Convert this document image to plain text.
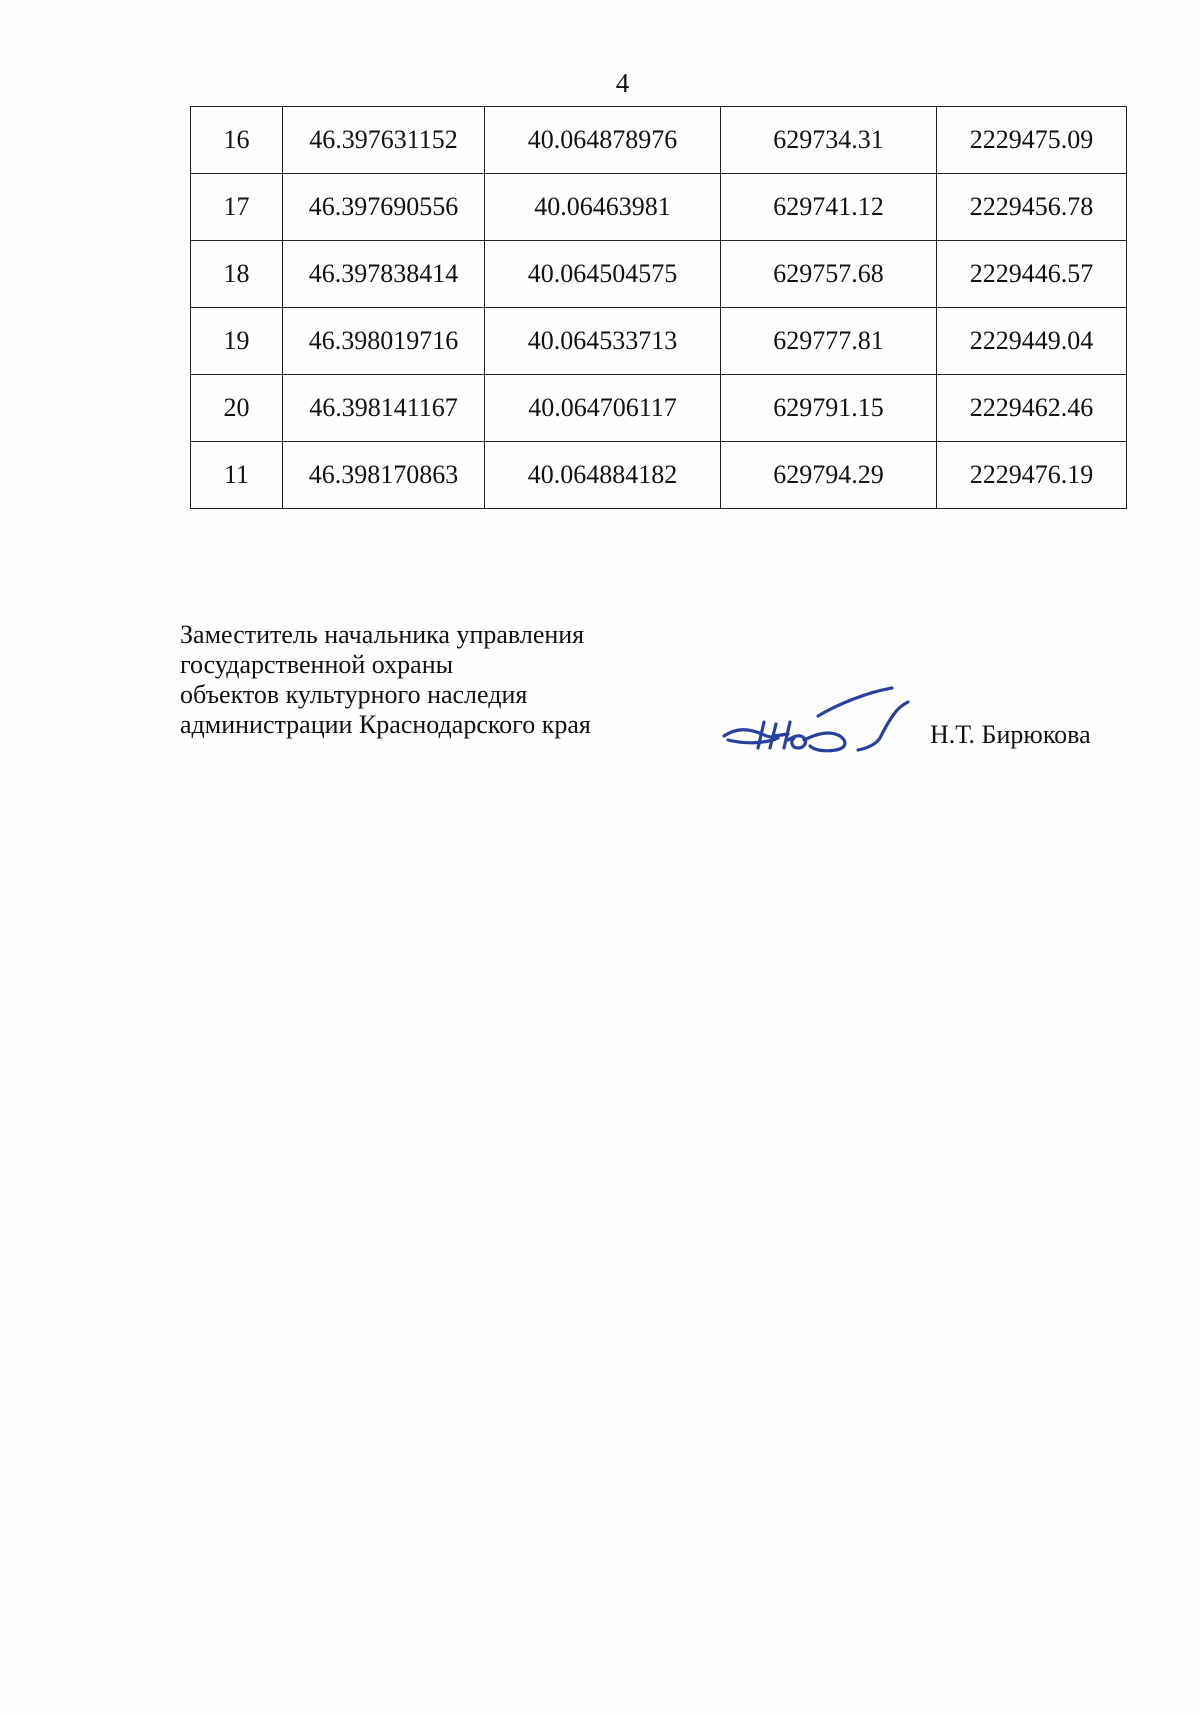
4
16	46.397631152	40.064878976	629734.31	2229475.09
17	46.397690556	40.06463981	629741.12	2229456.78
18	46.397838414	40.064504575	629757.68	2229446.57
19	46.398019716	40.064533713	629777.81	2229449.04
20	46.398141167	40.064706117	629791.15	2229462.46
11	46.398170863	40.064884182	629794.29	2229476.19
Заместитель начальника управления
государственной охраны
объектов культурного наследия
администрации Краснодарского края	Н.Т. Бирюкова
